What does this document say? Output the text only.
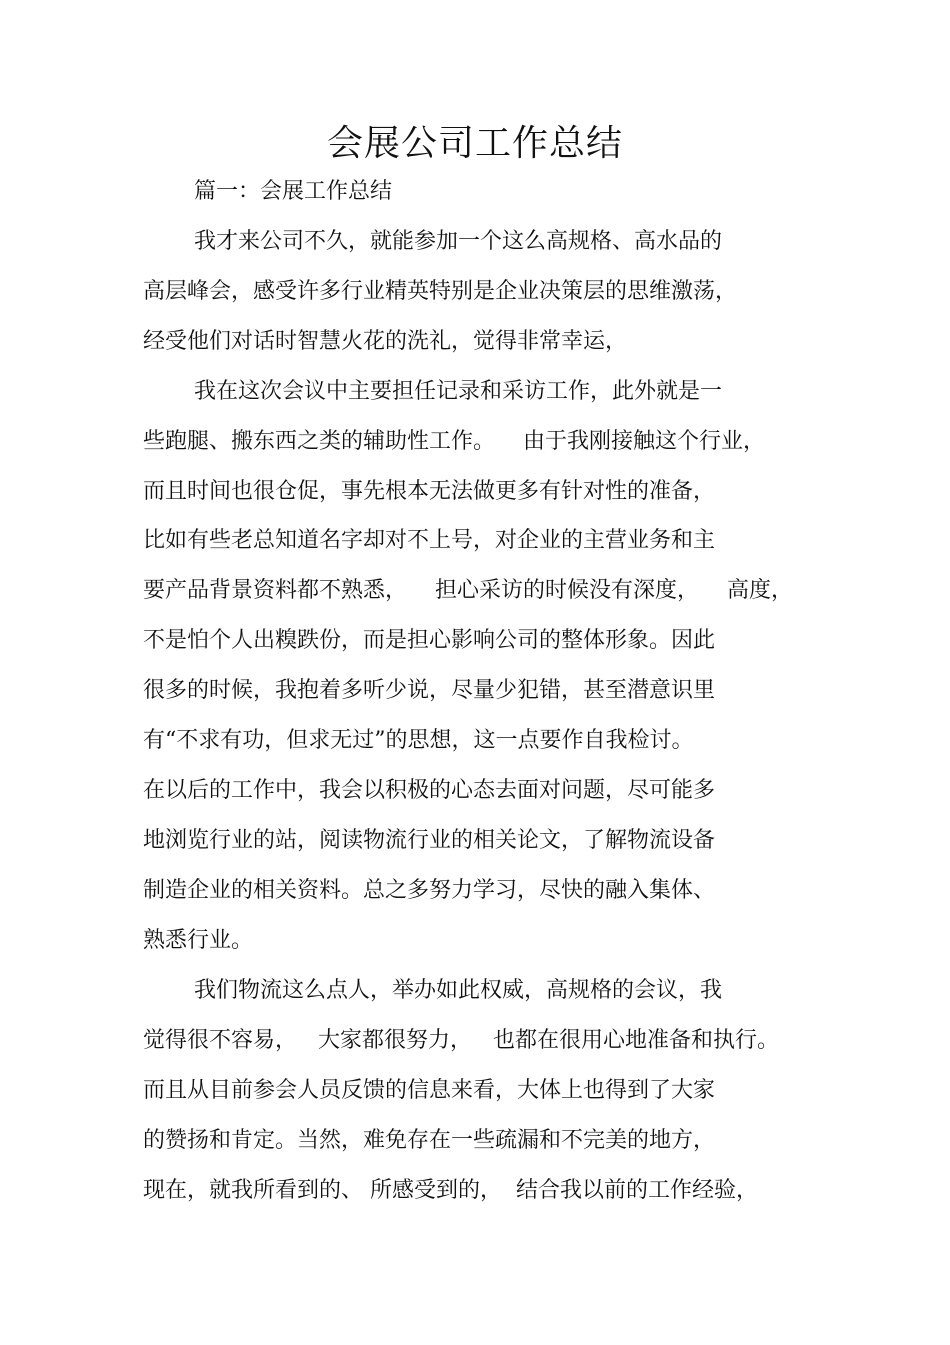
会展公司工作总结
篇一：会展工作总结
我才来公司不久，就能参加一个这么高规格、高水品的
高层峰会，感受许多行业精英特别是企业决策层的思维激荡，
经受他们对话时智慧火花的洗礼，觉得非常幸运，
我在这次会议中主要担任记录和采访工作，此外就是一
些跑腿、搬东西之类的辅助性工作。    由于我刚接触这个行业，
而且时间也很仓促，事先根本无法做更多有针对性的准备，
比如有些老总知道名字却对不上号，对企业的主营业务和主
要产品背景资料都不熟悉，    担心采访的时候没有深度，    高度，
不是怕个人出糗跌份，而是担心影响公司的整体形象。因此
很多的时候，我抱着多听少说，尽量少犯错，甚至潜意识里
有“不求有功，但求无过”的思想，这一点要作自我检讨。
在以后的工作中，我会以积极的心态去面对问题，尽可能多
地浏览行业的站，阅读物流行业的相关论文，了解物流设备
制造企业的相关资料。总之多努力学习，尽快的融入集体、
熟悉行业。
我们物流这么点人，举办如此权威，高规格的会议，我
觉得很不容易，   大家都很努力，   也都在很用心地准备和执行。
而且从目前参会人员反馈的信息来看，大体上也得到了大家
的赞扬和肯定。当然，难免存在一些疏漏和不完美的地方，
现在，就我所看到的、 所感受到的，  结合我以前的工作经验，
